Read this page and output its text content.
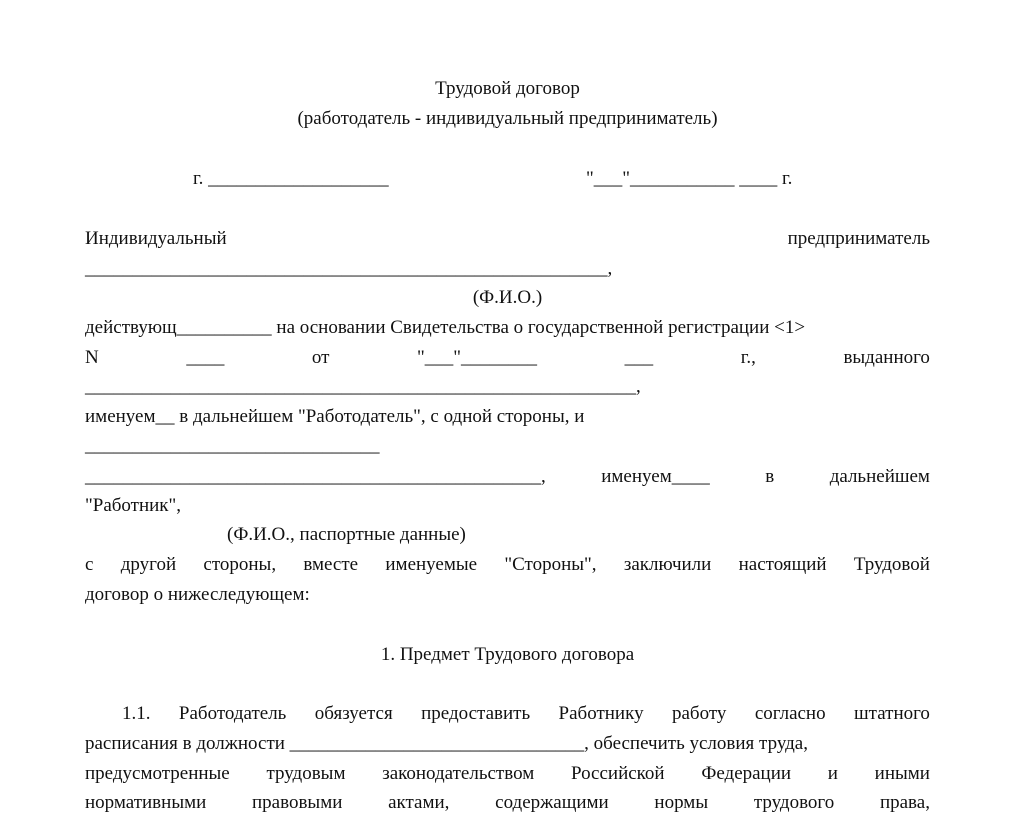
Трудовой договор
(работодатель - индивидуальный предприниматель)
г. ___________________	"___"___________ ____ г.
Индивидуальный	предприниматель
_______________________________________________________,
(Ф.И.О.)
действующ__________ на основании Свидетельства о государственной регистрации <1>
N	____	от	"___"________	___	г.,	выданного
__________________________________________________________,
именуем__ в дальнейшем "Работодатель", с одной стороны, и
_______________________________
________________________________________________,	именуем____	в	дальнейшем
"Работник",
(Ф.И.О., паспортные данные)
с другой стороны, вместе именуемые "Стороны", заключили настоящий Трудовой
договор о нижеследующем:
1. Предмет Трудового договора
1.1. Работодатель обязуется предоставить Работнику работу согласно штатного
расписания в должности _______________________________, обеспечить условия труда,
предусмотренные трудовым законодательством Российской Федерации и иными
нормативными правовыми актами, содержащими нормы трудового права,
